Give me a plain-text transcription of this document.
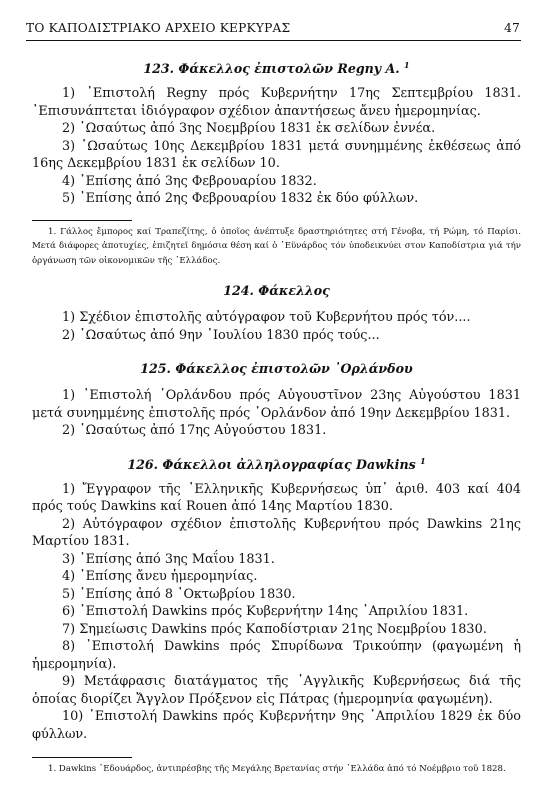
ΤΟ ΚΑΠΟΔΙΣΤΡΙΑΚΟ ΑΡΧΕΙΟ ΚΕΡΚΥΡΑΣ	47

123. Φάκελλος ἐπιστολῶν Regny A. $^1$

1) ᾿Επιστολή Regny πρός Κυβερνήτην 17ης Σεπτεμβρίου 1831. ᾿Επισυνάπτεται ἰδιόγραφον σχέδιον ἀπαντήσεως ἄνευ ἡμερομηνίας.

2) ῾Ωσαύτως ἀπό 3ης Νοεμβρίου 1831 ἐκ σελίδων ἐννέα.

3) ῾Ωσαύτως 10ης Δεκεμβρίου 1831 μετά συνημμένης ἐκθέσεως ἀπό 16ης Δεκεμβρίου 1831 ἐκ σελίδων 10.

4) ᾿Επίσης ἀπό 3ης Φεβρουαρίου 1832.

5) ᾿Επίσης ἀπό 2ης Φεβρουαρίου 1832 ἐκ δύο φύλλων.

1. Γάλλος ἔμπορος καί Τραπεζίτης, ὁ ὁποῖος ἀνέπτυξε δραστηριότητες στή Γένοβα, τή Ρώμη, τό Παρίσι. Μετά διάφορες ἀποτυχίες, ἐπιζητεῖ δημόσια θέση καί ὁ ᾿Εϋνάρδος τόν ὑποδεικνύει στον Καποδίστρια γιά τήν ὀργάνωση τῶν οἰκονομικῶν τῆς ῾Ελλάδος.

124. Φάκελλος

1) Σχέδιον ἐπιστολῆς αὐτόγραφον τοῦ Κυβερνήτου πρός τόν....

2) ῾Ωσαύτως ἀπό 9ην ᾿Ιουλίου 1830 πρός τούς...

125. Φάκελλος ἐπιστολῶν ᾿Ορλάνδου

1) ᾿Επιστολή ᾿Ορλάνδου πρός Αὐγουστῖνον 23ης Αὐγούστου 1831 μετά συνημμένης ἐπιστολῆς πρός ᾿Ορλάνδον ἀπό 19ην Δεκεμβρίου 1831.

2) ῾Ωσαύτως ἀπό 17ης Αὐγούστου 1831.

126. Φάκελλοι ἀλληλογραφίας Dawkins $^1$

1) Ἔγγραφον τῆς ῾Ελληνικῆς Κυβερνήσεως ὑπ᾿ ἀριθ. 403 καί 404 πρός τούς Dawkins καί Rouen ἀπό 14ης Μαρτίου 1830.

2) Αὐτόγραφον σχέδιον ἐπιστολῆς Κυβερνήτου πρός Dawkins 21ης Μαρτίου 1831.

3) ᾿Επίσης ἀπό 3ης Μαΐου 1831.

4) ᾿Επίσης ἄνευ ἡμερομηνίας.

5) ᾿Επίσης ἀπό 8 ᾿Οκτωβρίου 1830.

6) ᾿Επιστολή Dawkins πρός Κυβερνήτην 14ης ᾿Απριλίου 1831.

7) Σημείωσις Dawkins πρός Καποδίστριαν 21ης Νοεμβρίου 1830.

8) ᾿Επιστολή Dawkins πρός Σπυρίδωνα Τρικούπην (φαγωμένη ἡ ἡμερομηνία).

9) Μετάφρασις διατάγματος τῆς ᾿Αγγλικῆς Κυβερνήσεως διά τῆς ὁποίας διορίζει Ἄγγλον Πρόξενον εἰς Πάτρας (ἡμερομηνία φαγωμένη).

10) ᾿Επιστολή Dawkins πρός Κυβερνήτην 9ης ᾿Απριλίου 1829 ἐκ δύο φύλλων.

1. Dawkins ᾿Εδουάρδος, ἀντιπρέσβης τῆς Μεγάλης Βρετανίας στήν ῾Ελλάδα ἀπό τό Νοέμβριο τοῦ 1828.
